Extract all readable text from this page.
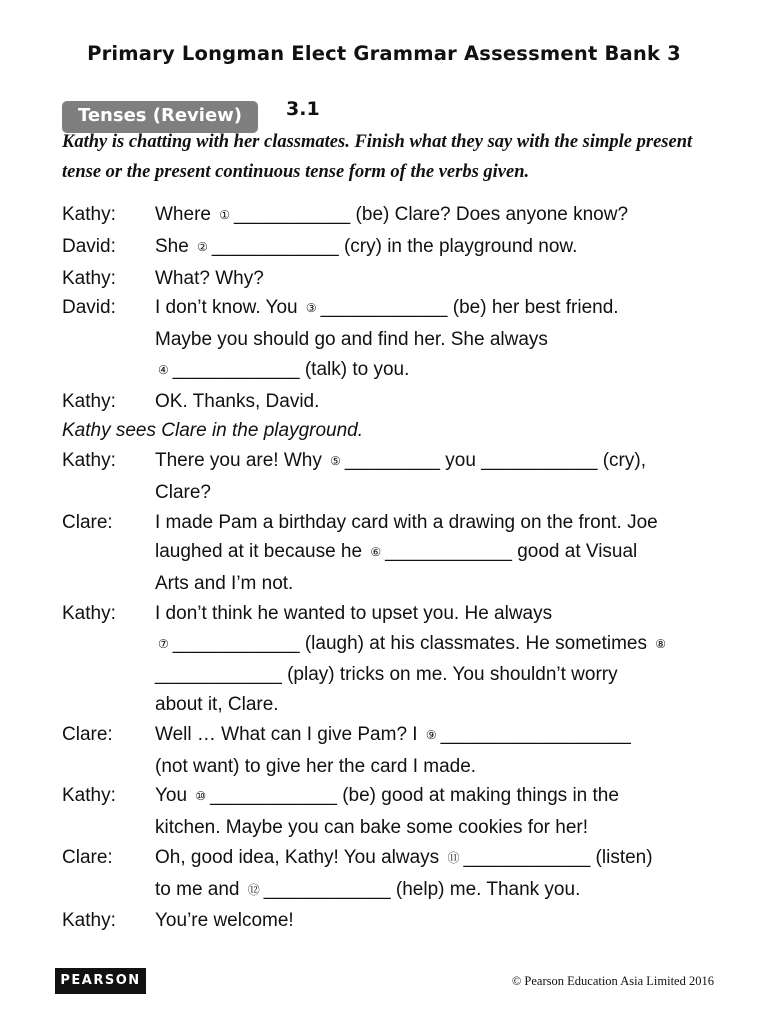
Primary Longman Elect Grammar Assessment Bank 3
Tenses (Review)	3.1
Kathy is chatting with her classmates. Finish what they say with the simple present tense or the present continuous tense form of the verbs given.
Kathy:	Where ① ___________ (be) Clare? Does anyone know?
David:	She ② ____________ (cry) in the playground now.
Kathy:	What? Why?
David:	I don’t know. You ③ ____________ (be) her best friend.
Maybe you should go and find her. She always
④ ____________ (talk) to you.
Kathy:	OK. Thanks, David.
Kathy sees Clare in the playground.
Kathy:	There you are! Why ⑤ _________ you ___________ (cry),
Clare?
Clare:	I made Pam a birthday card with a drawing on the front. Joe
laughed at it because he ⑥ ____________ good at Visual
Arts and I’m not.
Kathy:	I don’t think he wanted to upset you. He always
⑦ ____________ (laugh) at his classmates. He sometimes ⑧
____________ (play) tricks on me. You shouldn’t worry
about it, Clare.
Clare:	Well … What can I give Pam? I ⑨ __________________
(not want) to give her the card I made.
Kathy:	You ⑩ ____________ (be) good at making things in the
kitchen. Maybe you can bake some cookies for her!
Clare:	Oh, good idea, Kathy! You always ⑪ ____________ (listen)
to me and ⑫ ____________ (help) me. Thank you.
Kathy:	You’re welcome!
PEARSON	© Pearson Education Asia Limited 2016
